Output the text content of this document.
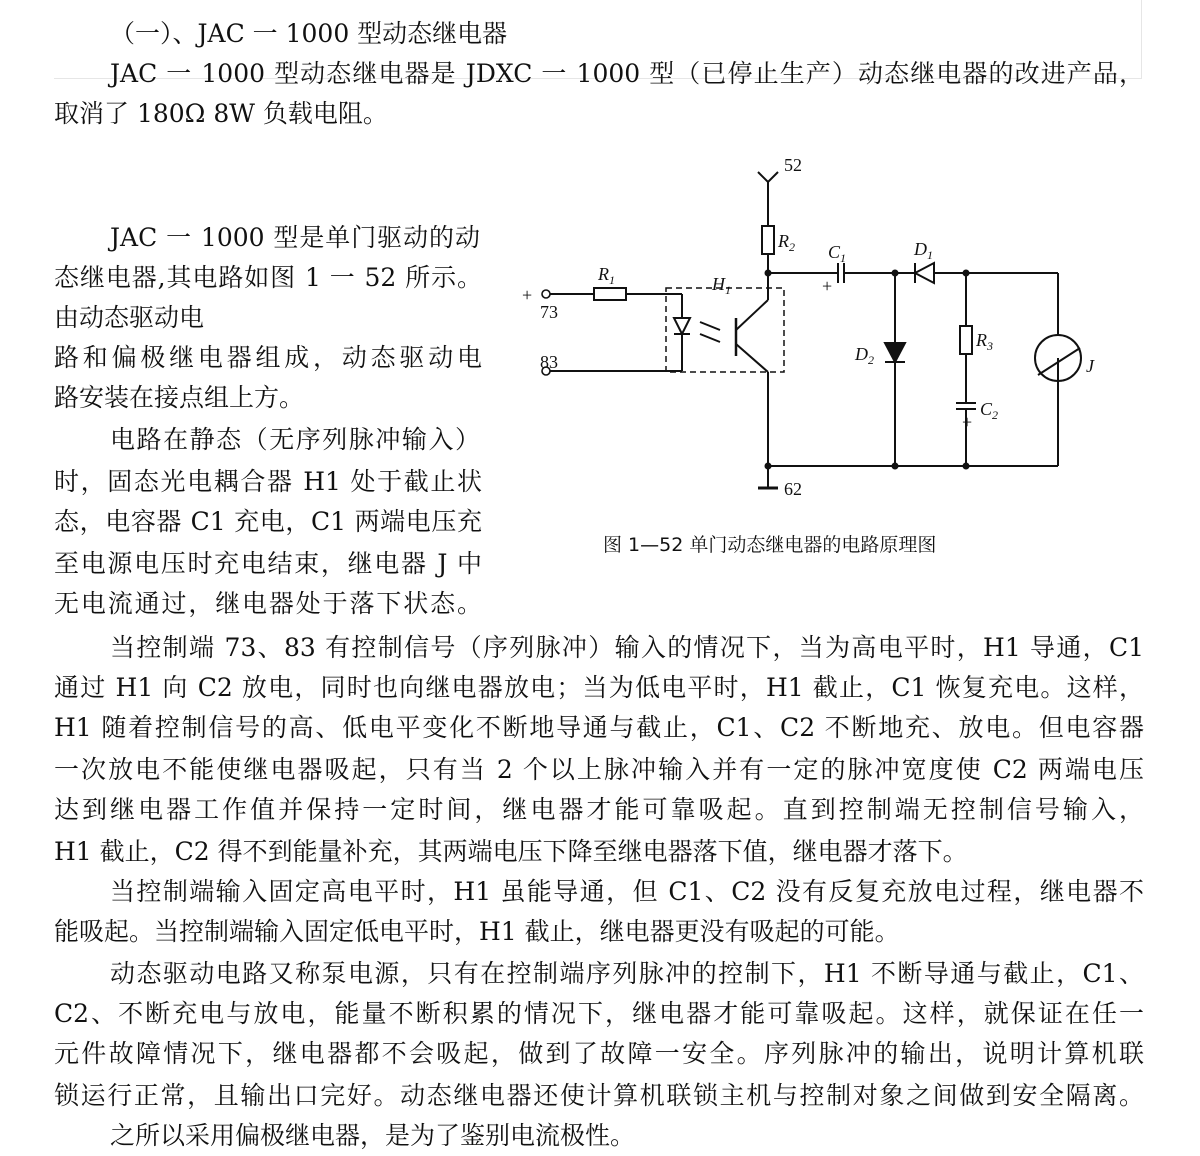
（一）、JAC 一 1000 型动态继电器
JAC 一 1000 型动态继电器是 JDXC 一 1000 型（已停止生产）动态继电器的改进产品，
取消了 180Ω 8W 负载电阻。
JAC 一 1000 型是单门驱动的动
态继电器,其电路如图 1 一 52 所示。
由动态驱动电
路和偏极继电器组成，动态驱动电
路安装在接点组上方。
电路在静态（无序列脉冲输入）
时，固态光电耦合器 H1 处于截止状
态，电容器 C1 充电，C1 两端电压充
至电源电压时充电结束，继电器 J 中
无电流通过，继电器处于落下状态。
52
62
+
73
83
$R_1$
$R_2$
$R_3$
$C_1$
+
$C_2$
+
$D_1$
$D_2$
$H_1$
J
图 1—52 单门动态继电器的电路原理图
当控制端 73、83 有控制信号（序列脉冲）输入的情况下，当为高电平时，H1 导通，C1
通过 H1 向 C2 放电，同时也向继电器放电；当为低电平时，H1 截止，C1 恢复充电。这样，
H1 随着控制信号的高、低电平变化不断地导通与截止，C1、C2 不断地充、放电。但电容器
一次放电不能使继电器吸起，只有当 2 个以上脉冲输入并有一定的脉冲宽度使 C2 两端电压
达到继电器工作值并保持一定时间，继电器才能可靠吸起。直到控制端无控制信号输入，
H1 截止，C2 得不到能量补充，其两端电压下降至继电器落下值，继电器才落下。
当控制端输入固定高电平时，H1 虽能导通，但 C1、C2 没有反复充放电过程，继电器不
能吸起。当控制端输入固定低电平时，H1 截止，继电器更没有吸起的可能。
动态驱动电路又称泵电源，只有在控制端序列脉冲的控制下，H1 不断导通与截止，C1、
C2、不断充电与放电，能量不断积累的情况下，继电器才能可靠吸起。这样，就保证在任一
元件故障情况下，继电器都不会吸起，做到了故障一安全。序列脉冲的输出，说明计算机联
锁运行正常，且输出口完好。动态继电器还使计算机联锁主机与控制对象之间做到安全隔离。
之所以采用偏极继电器，是为了鉴别电流极性。
